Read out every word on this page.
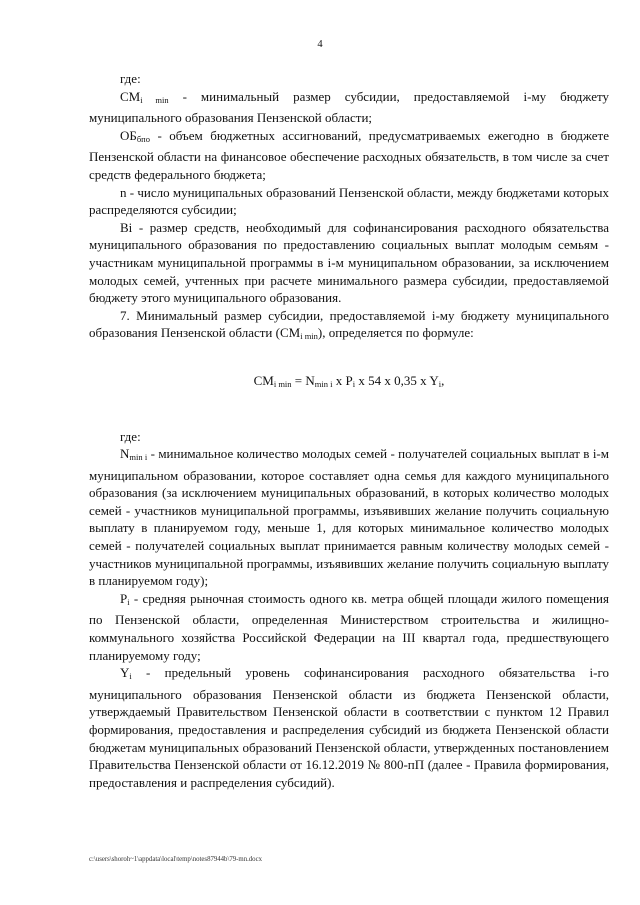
4

где:

$СМ_{i min}$ - минимальный размер субсидии, предоставляемой i-му бюджету муниципального образования Пензенской области;

$ОБ_{бпо}$ - объем бюджетных ассигнований, предусматриваемых ежегодно в бюджете Пензенской области на финансовое обеспечение расходных обязательств, в том числе за счет средств федерального бюджета;

n - число муниципальных образований Пензенской области, между бюджетами которых распределяются субсидии;

Вi - размер средств, необходимый для софинансирования расходного обязательства муниципального образования по предоставлению социальных выплат молодым семьям - участникам муниципальной программы в i-м муниципальном образовании, за исключением молодых семей, учтенных при расчете минимального размера субсидии, предоставляемой бюджету этого муниципального образования.

7. Минимальный размер субсидии, предоставляемой i-му бюджету муниципального образования Пензенской области $(СМ_{i min})$, определяется по формуле:

$СМ_{i min} = N_{min i}$ x $P_i$ x 54 x 0,35 x $Y_i$,

где:

$N_{min i}$ - минимальное количество молодых семей - получателей социальных выплат в i-м муниципальном образовании, которое составляет одна семья для каждого муниципального образования (за исключением муниципальных образований, в которых количество молодых семей - участников муниципальной программы, изъявивших желание получить социальную выплату в планируемом году, меньше 1, для которых минимальное количество молодых семей - получателей социальных выплат принимается равным количеству молодых семей - участников муниципальной программы, изъявивших желание получить социальную выплату в планируемом году);

$P_i$ - средняя рыночная стоимость одного кв. метра общей площади жилого помещения по Пензенской области, определенная Министерством строительства и жилищно-коммунального хозяйства Российской Федерации на III квартал года, предшествующего планируемому году;

$Y_i$ - предельный уровень софинансирования расходного обязательства i-го муниципального образования Пензенской области из бюджета Пензенской области, утверждаемый Правительством Пензенской области в соответствии с пунктом 12 Правил формирования, предоставления и распределения субсидий из бюджета Пензенской области бюджетам муниципальных образований Пензенской области, утвержденных постановлением Правительства Пензенской области от 16.12.2019 № 800-пП (далее - Правила формирования, предоставления и распределения субсидий).

c:\users\shoroh~1\appdata\local\temp\notes87944b\79-mn.docx
